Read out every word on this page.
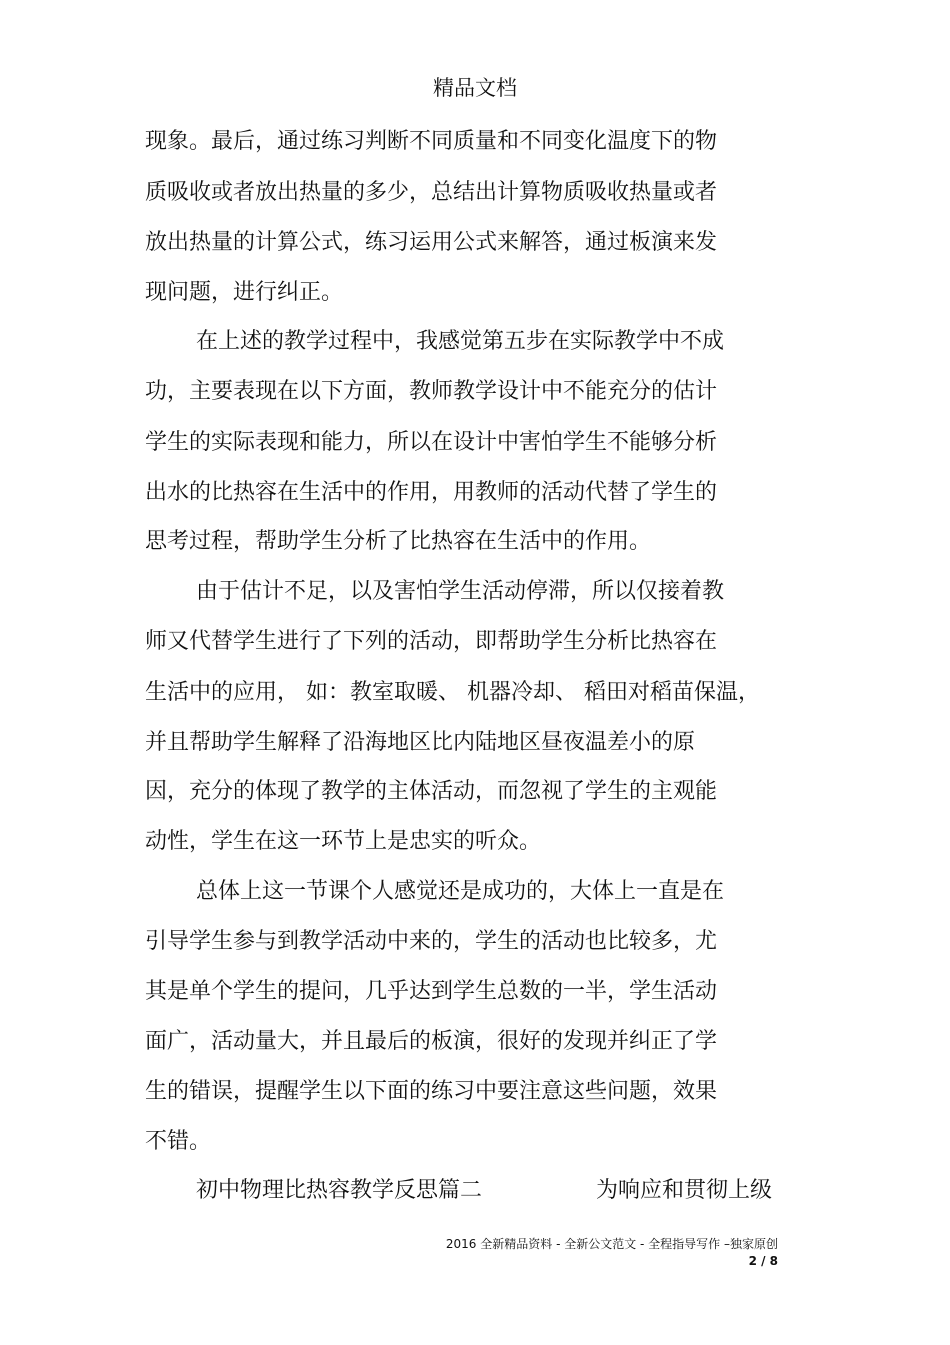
精品文档
现象。最后，通过练习判断不同质量和不同变化温度下的物
质吸收或者放出热量的多少，总结出计算物质吸收热量或者
放出热量的计算公式，练习运用公式来解答，通过板演来发
现问题，进行纠正。
在上述的教学过程中，我感觉第五步在实际教学中不成
功，主要表现在以下方面，教师教学设计中不能充分的估计
学生的实际表现和能力，所以在设计中害怕学生不能够分析
出水的比热容在生活中的作用，用教师的活动代替了学生的
思考过程，帮助学生分析了比热容在生活中的作用。
由于估计不足，以及害怕学生活动停滞，所以仅接着教
师又代替学生进行了下列的活动，即帮助学生分析比热容在
生活中的应用， 如：教室取暖、 机器冷却、 稻田对稻苗保温，
并且帮助学生解释了沿海地区比内陆地区昼夜温差小的原
因，充分的体现了教学的主体活动，而忽视了学生的主观能
动性，学生在这一环节上是忠实的听众。
总体上这一节课个人感觉还是成功的，大体上一直是在
引导学生参与到教学活动中来的，学生的活动也比较多，尤
其是单个学生的提问，几乎达到学生总数的一半，学生活动
面广，活动量大，并且最后的板演，很好的发现并纠正了学
生的错误，提醒学生以下面的练习中要注意这些问题，效果
不错。
初中物理比热容教学反思篇二	为响应和贯彻上级
2016 全新精品资料 - 全新公文范文 - 全程指导写作 –独家原创
2 / 8
